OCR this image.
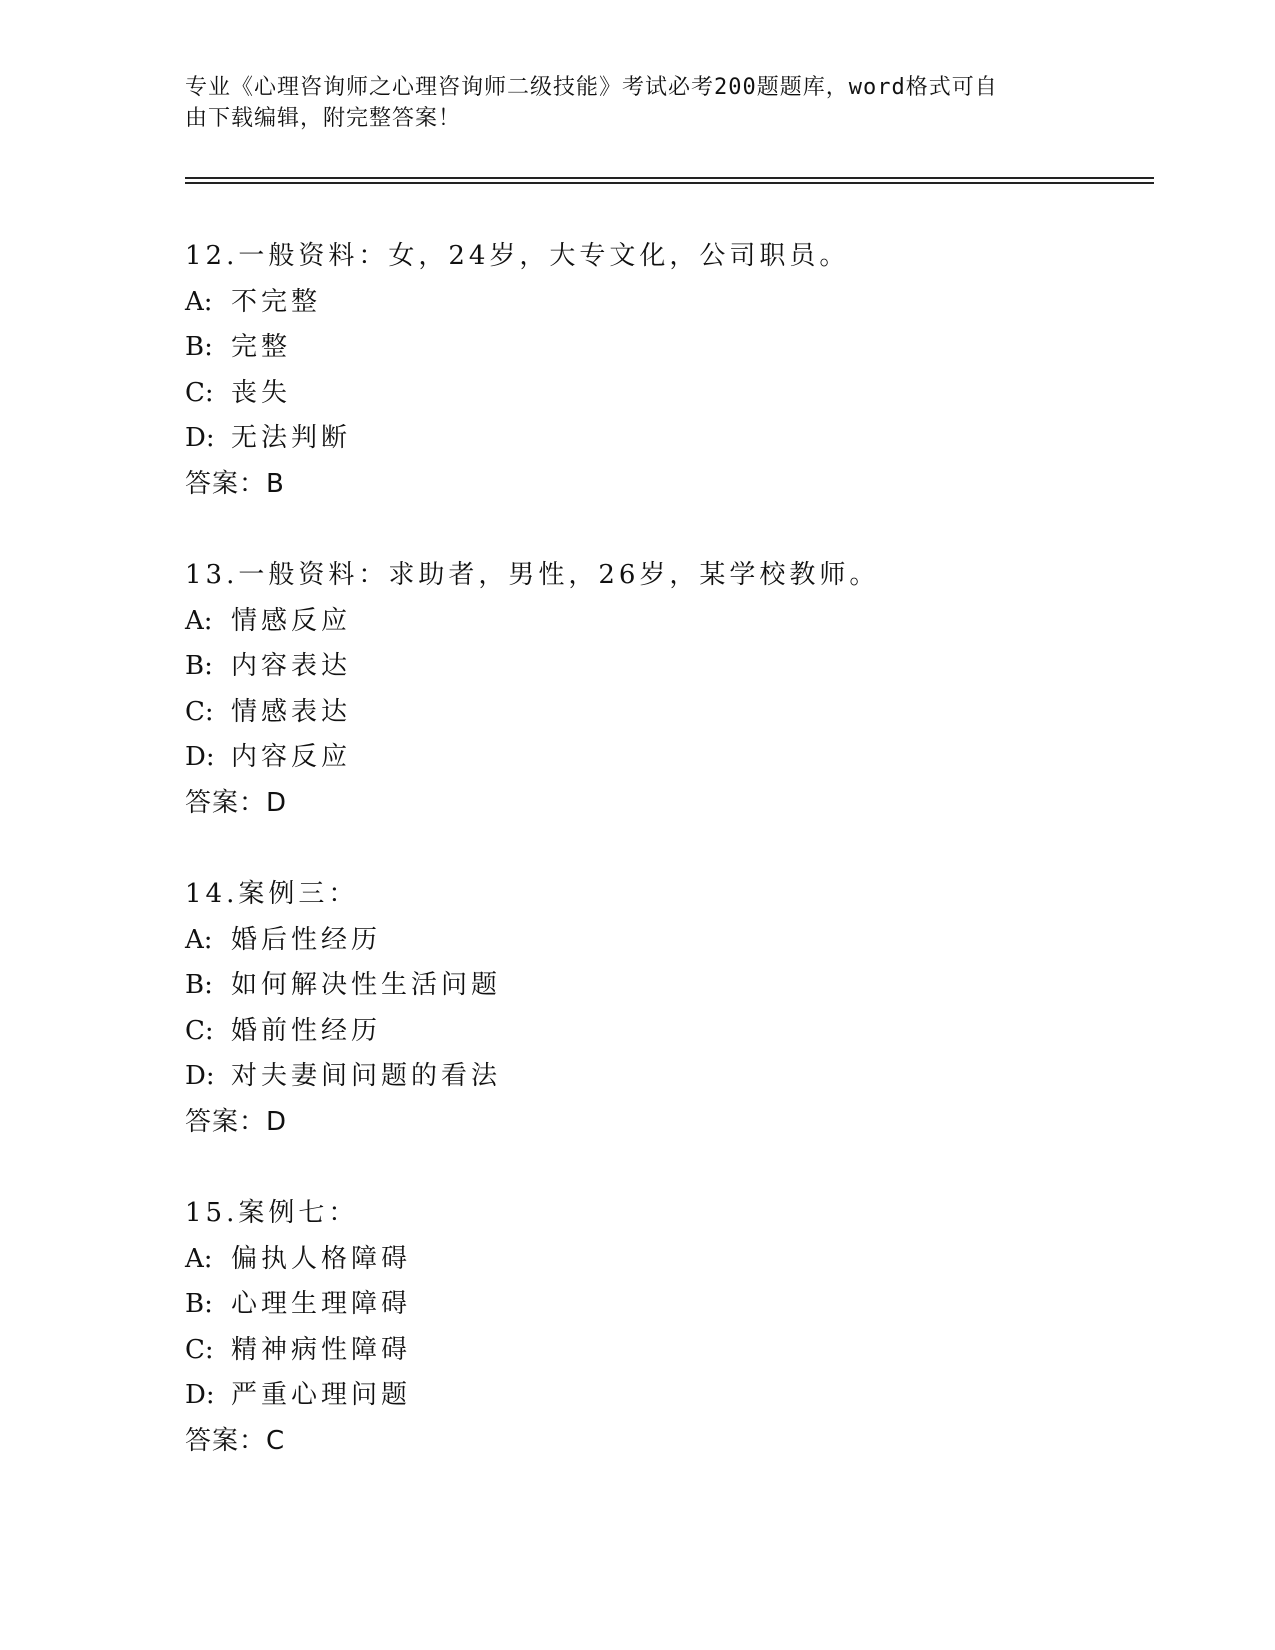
专业《心理咨询师之心理咨询师二级技能》考试必考200题题库，word格式可自
由下载编辑，附完整答案！
12.一般资料：女，24岁，大专文化，公司职员。
A: 不完整
B: 完整
C: 丧失
D: 无法判断
答案：B
13.一般资料：求助者，男性，26岁，某学校教师。
A: 情感反应
B: 内容表达
C: 情感表达
D: 内容反应
答案：D
14.案例三：
A: 婚后性经历
B: 如何解决性生活问题
C: 婚前性经历
D: 对夫妻间问题的看法
答案：D
15.案例七：
A: 偏执人格障碍
B: 心理生理障碍
C: 精神病性障碍
D: 严重心理问题
答案：C
